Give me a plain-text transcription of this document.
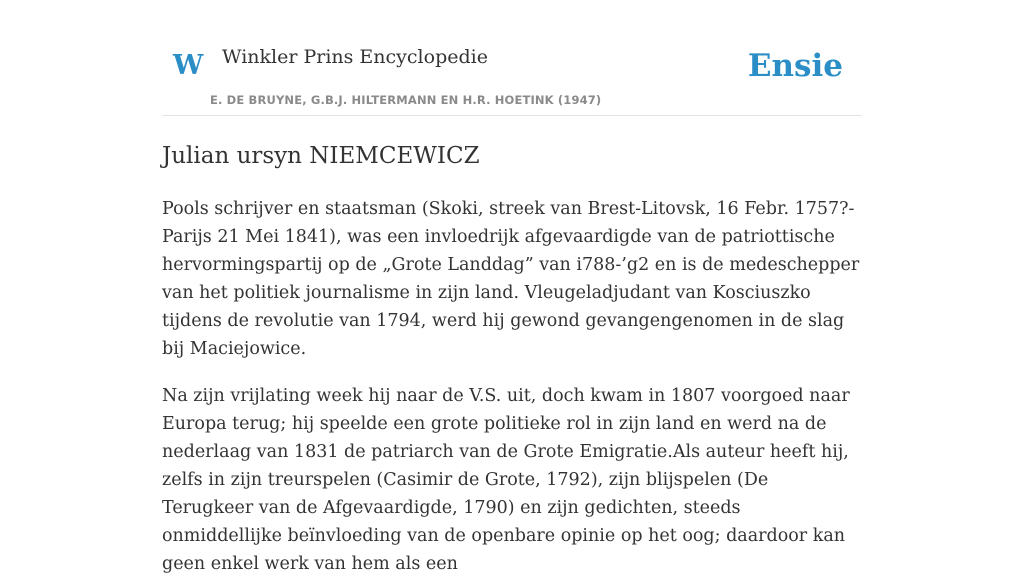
W Winkler Prins Encyclopedie
E. DE BRUYNE, G.B.J. HILTERMANN EN H.R. HOETINK (1947)
Ensie
Julian ursyn NIEMCEWICZ

Pools schrijver en staatsman (Skoki, streek van Brest-Litovsk, 16 Febr. 1757?-Parijs 21 Mei 1841), was een invloedrijk afgevaardigde van de patriottische hervormingspartij op de „Grote Landdag” van i788-’g2 en is de medeschepper van het politiek journalisme in zijn land. Vleugeladjudant van Kosciuszko tijdens de revolutie van 1794, werd hij gewond gevangengenomen in de slag bij Maciejowice.

Na zijn vrijlating week hij naar de V.S. uit, doch kwam in 1807 voorgoed naar Europa terug; hij speelde een grote politieke rol in zijn land en werd na de nederlaag van 1831 de patriarch van de Grote Emigratie.Als auteur heeft hij, zelfs in zijn treurspelen (Casimir de Grote, 1792), zijn blijspelen (De Terugkeer van de Afgevaardigde, 1790) en zijn gedichten, steeds onmiddellijke beïnvloeding van de openbare opinie op het oog; daardoor kan geen enkel werk van hem als een
